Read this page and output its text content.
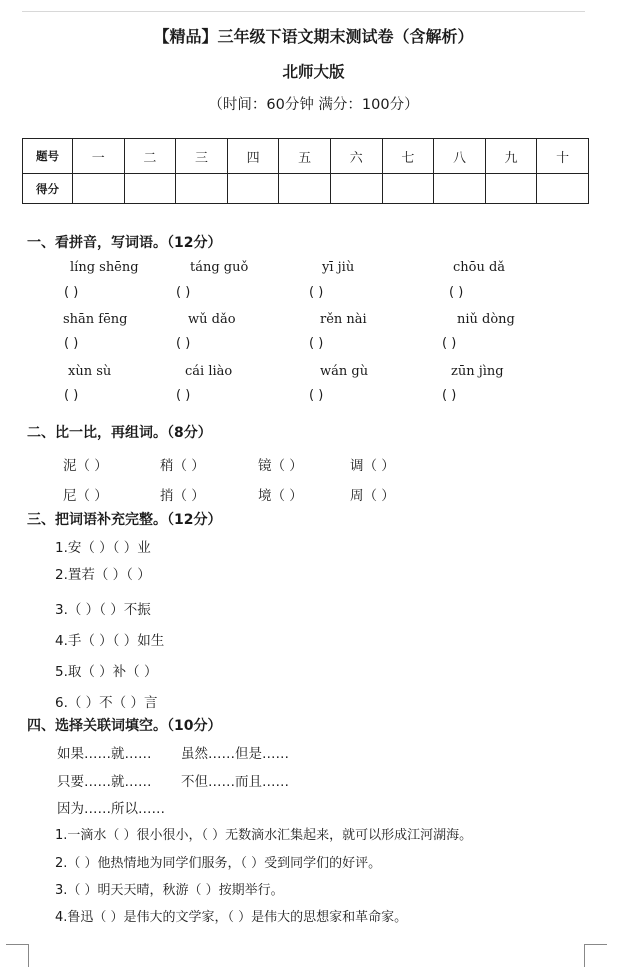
【精品】三年级下语文期末测试卷（含解析）
北师大版
（时间：60分钟 满分：100分）
题号	一	二	三	四	五	六	七	八	九	十
得分										
一、看拼音，写词语。（12分）
líng shēng	táng guǒ	yī jiù	chōu dǎ
( )	( )	( )	( )
shān fēng	wǔ dǎo	rěn nài	niǔ dòng
( )	( )	( )	( )
xùn sù	cái liào	wán gù	zūn jìng
( )	( )	( )	( )
二、比一比，再组词。（8分）
泥（ ）	稍（ ）	镜（ ）	调（ ）
尼（ ）	捎（ ）	境（ ）	周（ ）
三、把词语补充完整。（12分）
1.安（ ）（ ）业
2.置若（ ）（ ）
3.（ ）（ ）不振
4.手（ ）（ ）如生
5.取（ ）补（ ）
6.（ ）不（ ）言
四、选择关联词填空。（10分）
如果……就…… 虽然……但是……
只要……就…… 不但……而且……
因为……所以……
1.一滴水（ ）很小很小，（ ）无数滴水汇集起来，就可以形成江河湖海。
2.（ ）他热情地为同学们服务，（ ）受到同学们的好评。
3.（ ）明天天晴，秋游（ ）按期举行。
4.鲁迅（ ）是伟大的文学家，（ ）是伟大的思想家和革命家。
